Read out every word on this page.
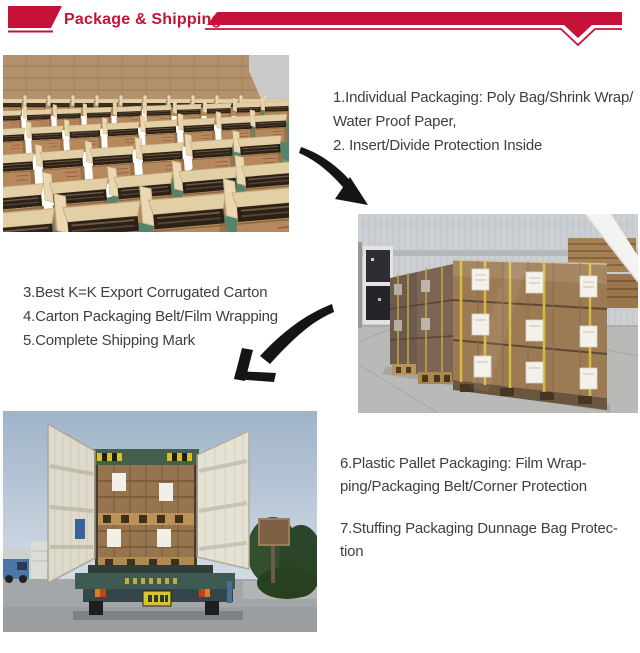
Package & Shipping
1.Individual Packaging: Poly Bag/Shrink Wrap/
Water Proof Paper,
2. Insert/Divide Protection Inside
3.Best K=K Export Corrugated Carton
4.Carton Packaging Belt/Film Wrapping
5.Complete Shipping Mark
6.Plastic Pallet Packaging: Film Wrap-
ping/Packaging Belt/Corner Protection
7.Stuffing Packaging Dunnage Bag Protec-
tion
